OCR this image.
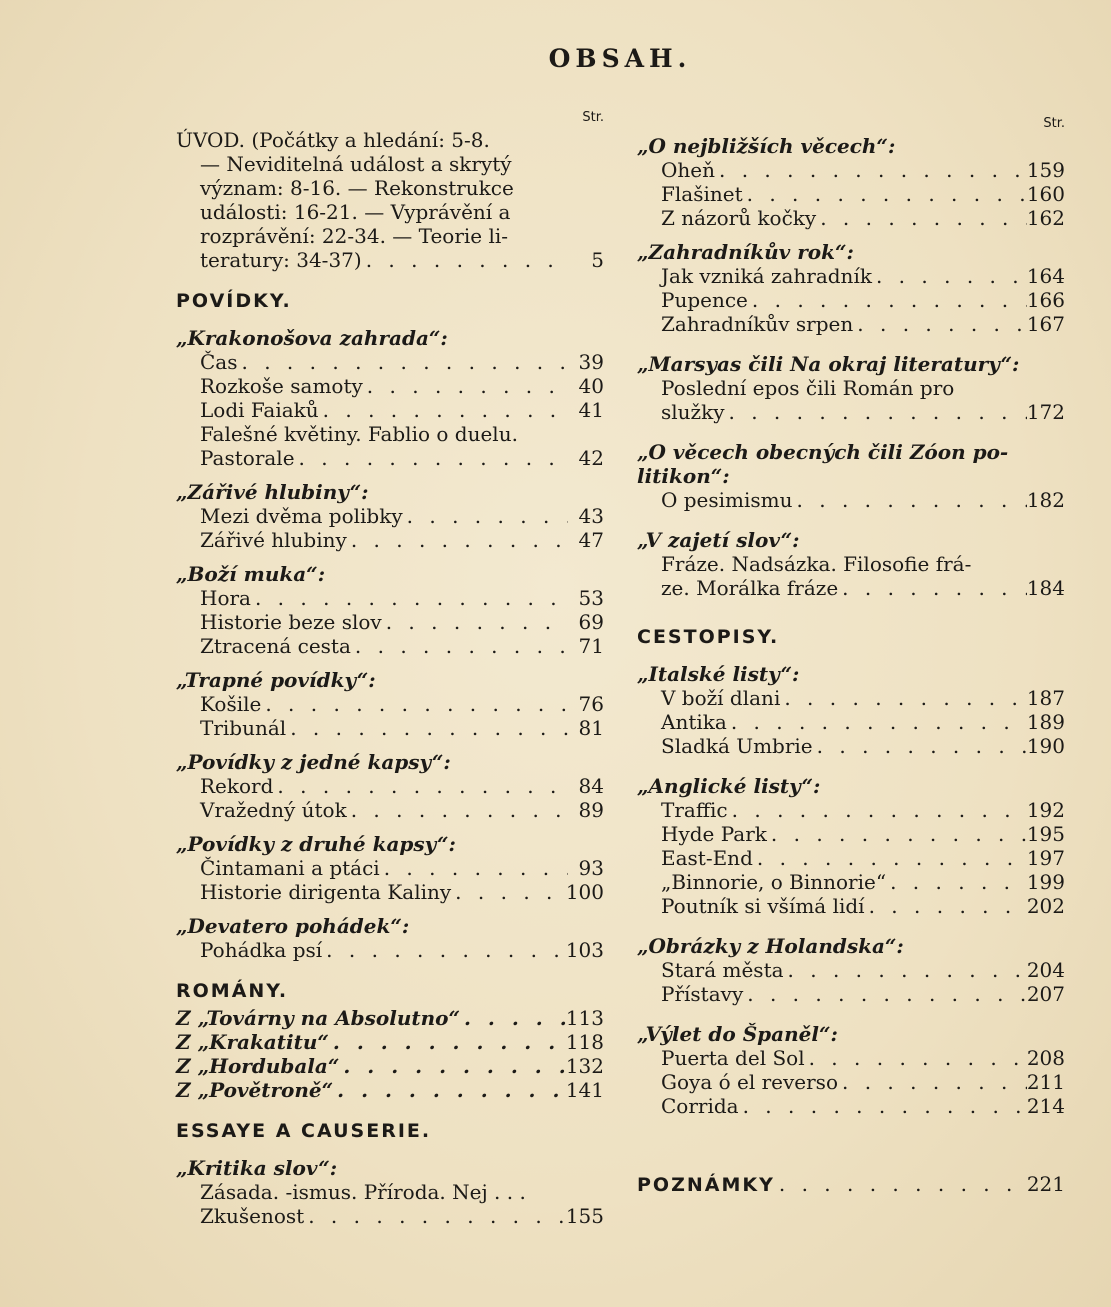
OBSAH.
Str.
ÚVOD. (Počátky a hledání: 5-8.
— Neviditelná událost a skrytý
význam: 8-16. — Rekonstrukce
události: 16-21. — Vyprávění a
rozprávění: 22-34. — Teorie li-
teratury: 34-37) . . .	5
POVÍDKY.
„Krakonošova zahrada“:
Čas . . .	39
Rozkoše samoty . . .	40
Lodi Faiaků . . .	41
Falešné květiny. Fablio o duelu.
Pastorale . . .	42
„Zářivé hlubiny“:
Mezi dvěma polibky . . .	43
Zářivé hlubiny . . .	47
„Boží muka“:
Hora . . .	53
Historie beze slov . . .	69
Ztracená cesta . . .	71
„Trapné povídky“:
Košile . . .	76
Tribunál . . .	81
„Povídky z jedné kapsy“:
Rekord . . .	84
Vražedný útok . . .	89
„Povídky z druhé kapsy“:
Čintamani a ptáci . . .	93
Historie dirigenta Kaliny . . .	100
„Devatero pohádek“:
Pohádka psí . . .	103
ROMÁNY.
Z „Továrny na Absolutno“ . . .	113
Z „Krakatitu“ . . .	118
Z „Hordubala“ . . .	132
Z „Povětroně“ . . .	141
ESSAYE A CAUSERIE.
„Kritika slov“:
Zásada. -ismus. Příroda. Nej . . .
Zkušenost . . .	155
Str.
„O nejbližších věcech“:
Oheň . . .	159
Flašinet . . .	160
Z názorů kočky . . .	162
„Zahradníkův rok“:
Jak vzniká zahradník . . .	164
Pupence . . .	166
Zahradníkův srpen . . .	167
„Marsyas čili Na okraj literatury“:
Poslední epos čili Román pro
služky . . .	172
„O věcech obecných čili Zóon po-
litikon“:
O pesimismu . . .	182
„V zajetí slov“:
Fráze. Nadsázka. Filosofie frá-
ze. Morálka fráze . . .	184
CESTOPISY.
„Italské listy“:
V boží dlani . . .	187
Antika . . .	189
Sladká Umbrie . . .	190
„Anglické listy“:
Traffic . . .	192
Hyde Park . . .	195
East-End . . .	197
„Binnorie, o Binnorie“ . . .	199
Poutník si všímá lidí . . .	202
„Obrázky z Holandska“:
Stará města . . .	204
Přístavy . . .	207
„Výlet do Španěl“:
Puerta del Sol . . .	208
Goya ó el reverso . . .	211
Corrida . . .	214
POZNÁMKY . . .	221
